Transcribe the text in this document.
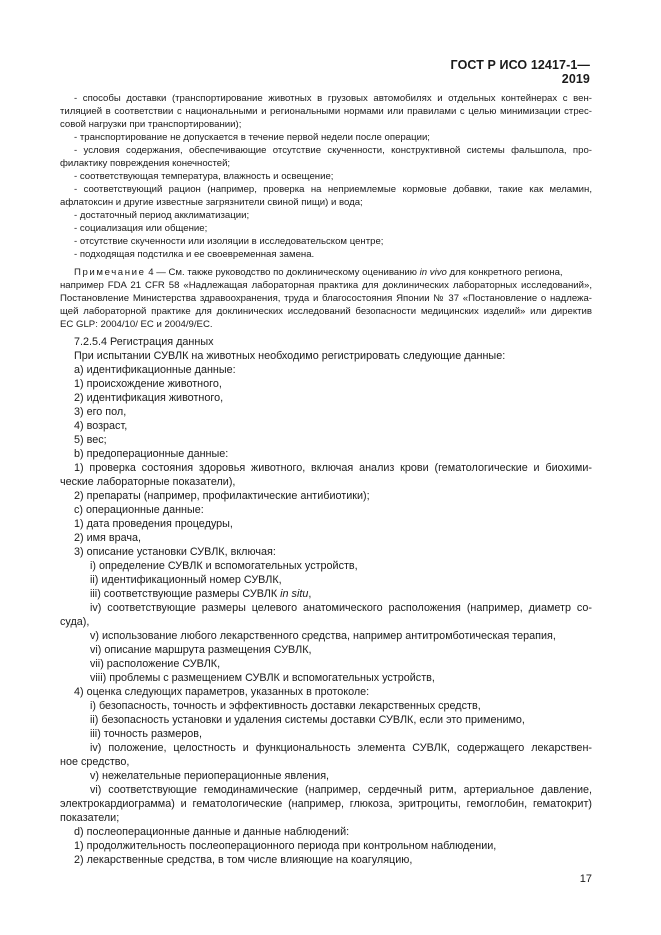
ГОСТ Р ИСО 12417-1—2019
- способы доставки (транспортирование животных в грузовых автомобилях и отдельных контейнерах с вен-
тиляцией в соответствии с национальными и региональными нормами или правилами с целью минимизации стрес-
совой нагрузки при транспортировании);
- транспортирование не допускается в течение первой недели после операции;
- условия содержания, обеспечивающие отсутствие скученности, конструктивной системы фальшпола, про-
филактику повреждения конечностей;
- соответствующая температура, влажность и освещение;
- соответствующий рацион (например, проверка на неприемлемые кормовые добавки, такие как меламин,
афлатоксин и другие известные загрязнители свиной пищи) и вода;
- достаточный период акклиматизации;
- социализация или общение;
- отсутствие скученности или изоляции в исследовательском центре;
- подходящая подстилка и ее своевременная замена.
Примечание 4 — См. также руководство по доклиническому оцениванию in vivo для конкретного региона,
например FDA 21 CFR 58 «Надлежащая лабораторная практика для доклинических лабораторных исследований»,
Постановление Министерства здравоохранения, труда и благосостояния Японии № 37 «Постановление о надлежа-
щей лабораторной практике для доклинических исследований безопасности медицинских изделий» или директив
EC GLP: 2004/10/ EC и 2004/9/EC.
7.2.5.4 Регистрация данных
При испытании СУВЛК на животных необходимо регистрировать следующие данные:
а) идентификационные данные:
1) происхождение животного,
2) идентификация животного,
3) его пол,
4) возраст,
5) вес;
b) предоперационные данные:
1) проверка состояния здоровья животного, включая анализ крови (гематологические и биохими-
ческие лабораторные показатели),
2) препараты (например, профилактические антибиотики);
с) операционные данные:
1) дата проведения процедуры,
2) имя врача,
3) описание установки СУВЛК, включая:
i) определение СУВЛК и вспомогательных устройств,
ii) идентификационный номер СУВЛК,
iii) соответствующие размеры СУВЛК in situ,
iv) соответствующие размеры целевого анатомического расположения (например, диаметр со-
суда),
v) использование любого лекарственного средства, например антитромботическая терапия,
vi) описание маршрута размещения СУВЛК,
vii) расположение СУВЛК,
viii) проблемы с размещением СУВЛК и вспомогательных устройств,
4) оценка следующих параметров, указанных в протоколе:
i) безопасность, точность и эффективность доставки лекарственных средств,
ii) безопасность установки и удаления системы доставки СУВЛК, если это применимо,
iii) точность размеров,
iv) положение, целостность и функциональность элемента СУВЛК, содержащего лекарствен-
ное средство,
v) нежелательные периоперационные явления,
vi) соответствующие гемодинамические (например, сердечный ритм, артериальное давление,
электрокардиограмма) и гематологические (например, глюкоза, эритроциты, гемоглобин, гематокрит)
показатели;
d) послеоперационные данные и данные наблюдений:
1) продолжительность послеоперационного периода при контрольном наблюдении,
2) лекарственные средства, в том числе влияющие на коагуляцию,
17
